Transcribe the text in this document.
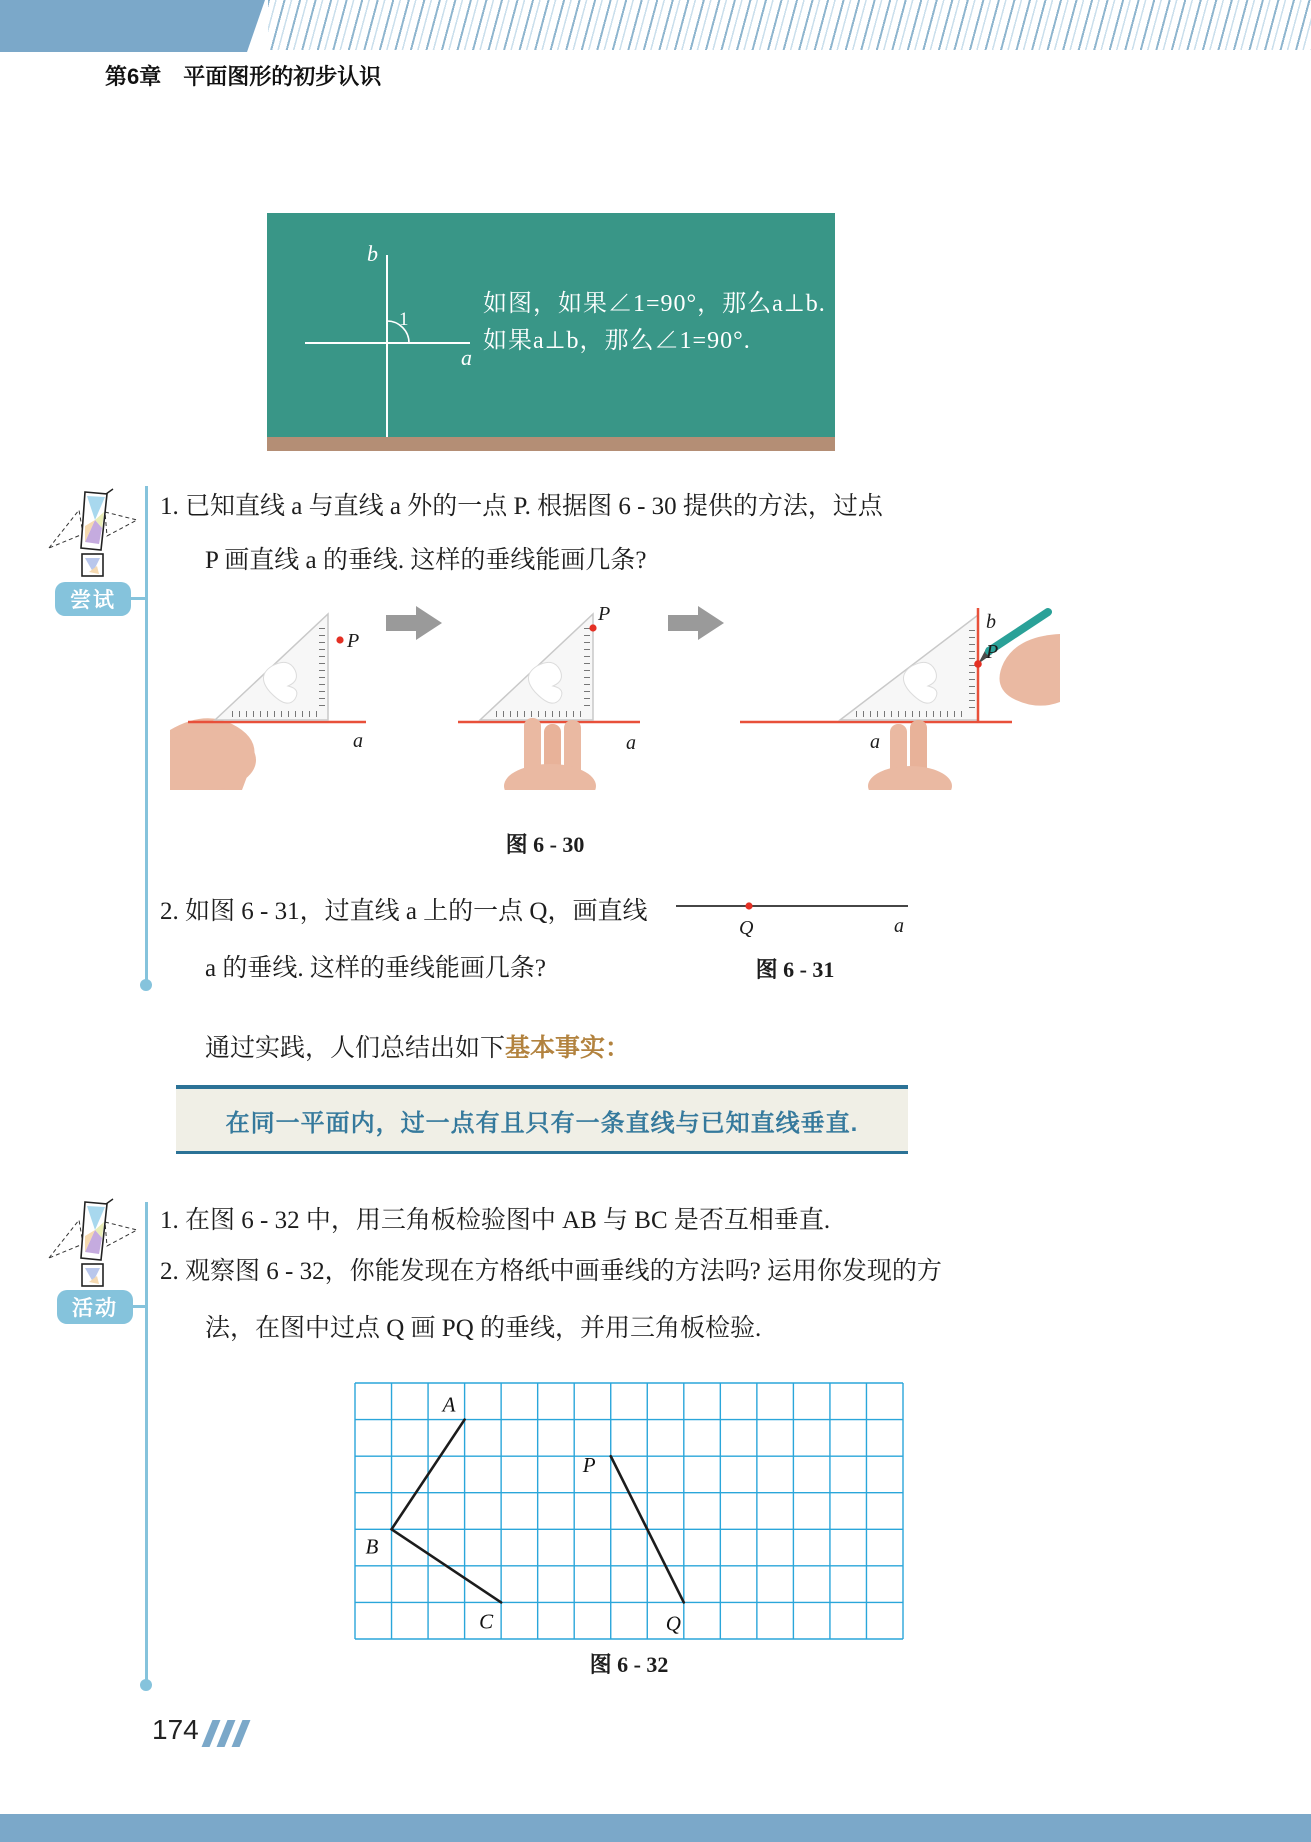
第6章　平面图形的初步认识
b
a
1
如图，如果∠1=90°，那么a⊥b.
如果a⊥b，那么∠1=90°.
尝试
1. 已知直线 a 与直线 a 外的一点 P. 根据图 6 - 30 提供的方法，过点
P 画直线 a 的垂线. 这样的垂线能画几条?
P
a
P
a
b
P
a
图 6 - 30
2. 如图 6 - 31，过直线 a 上的一点 Q，画直线
a 的垂线. 这样的垂线能画几条?
Q	a
图 6 - 31
通过实践，人们总结出如下基本事实：
在同一平面内，过一点有且只有一条直线与已知直线垂直.
活动
1. 在图 6 - 32 中，用三角板检验图中 AB 与 BC 是否互相垂直.
2. 观察图 6 - 32，你能发现在方格纸中画垂线的方法吗? 运用你发现的方
法，在图中过点 Q 画 PQ 的垂线，并用三角板检验.
A
B
C
P
Q
图 6 - 32
174
